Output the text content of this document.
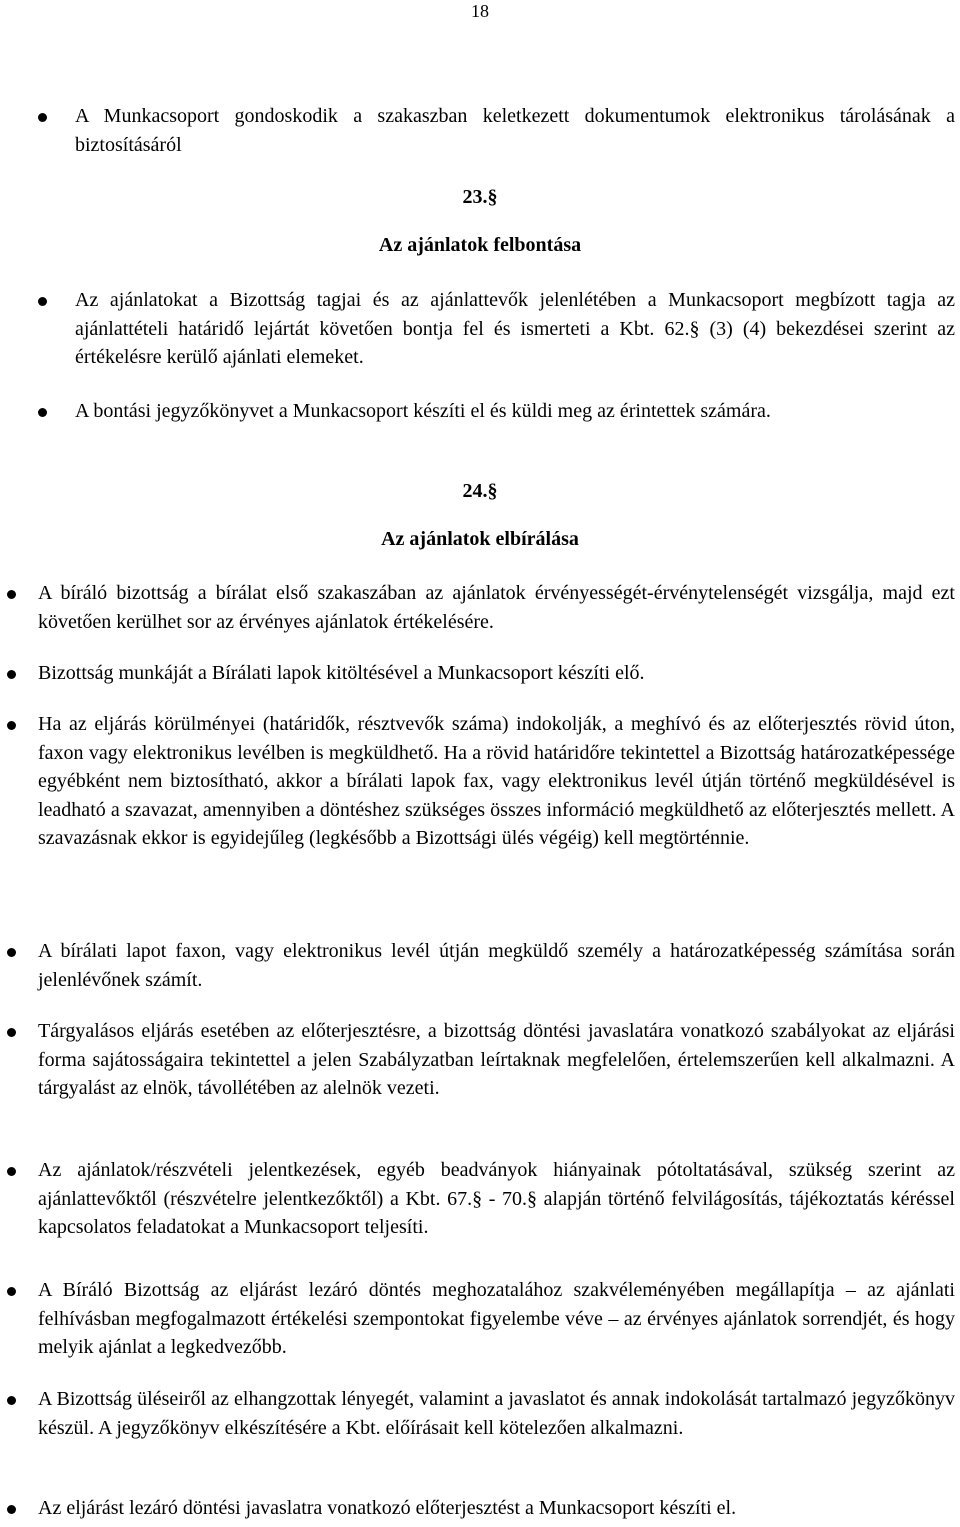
18

A Munkacsoport gondoskodik a szakaszban keletkezett dokumentumok elektronikus tárolásának a biztosításáról

23.§
Az ajánlatok felbontása

Az ajánlatokat a Bizottság tagjai és az ajánlattevők jelenlétében a Munkacsoport megbízott tagja az ajánlattételi határidő lejártát követően bontja fel és ismerteti a Kbt. 62.§ (3) (4) bekezdései szerint az értékelésre kerülő ajánlati elemeket.

A bontási jegyzőkönyvet a Munkacsoport készíti el és küldi meg az érintettek számára.

24.§
Az ajánlatok elbírálása

A bíráló bizottság a bírálat első szakaszában az ajánlatok érvényességét-érvénytelenségét vizsgálja, majd ezt követően kerülhet sor az érvényes ajánlatok értékelésére.

Bizottság munkáját a Bírálati lapok kitöltésével a Munkacsoport készíti elő.

Ha az eljárás körülményei (határidők, résztvevők száma) indokolják, a meghívó és az előterjesztés rövid úton, faxon vagy elektronikus levélben is megküldhető. Ha a rövid határidőre tekintettel a Bizottság határozatképessége egyébként nem biztosítható, akkor a bírálati lapok fax, vagy elektronikus levél útján történő megküldésével is leadható a szavazat, amennyiben a döntéshez szükséges összes információ megküldhető az előterjesztés mellett. A szavazásnak ekkor is egyidejűleg (legkésőbb a Bizottsági ülés végéig) kell megtörténnie.

A bírálati lapot faxon, vagy elektronikus levél útján megküldő személy a határozatképesség számítása során jelenlévőnek számít.

Tárgyalásos eljárás esetében az előterjesztésre, a bizottság döntési javaslatára vonatkozó szabályokat az eljárási forma sajátosságaira tekintettel a jelen Szabályzatban leírtaknak megfelelően, értelemszerűen kell alkalmazni. A tárgyalást az elnök, távollétében az alelnök vezeti.

Az ajánlatok/részvételi jelentkezések, egyéb beadványok hiányainak pótoltatásával, szükség szerint az ajánlattevőktől (részvételre jelentkezőktől) a Kbt. 67.§ - 70.§ alapján történő felvilágosítás, tájékoztatás kéréssel kapcsolatos feladatokat a Munkacsoport teljesíti.

A Bíráló Bizottság az eljárást lezáró döntés meghozatalához szakvéleményében megállapítja – az ajánlati felhívásban megfogalmazott értékelési szempontokat figyelembe véve – az érvényes ajánlatok sorrendjét, és hogy melyik ajánlat a legkedvezőbb.

A Bizottság üléseiről az elhangzottak lényegét, valamint a javaslatot és annak indokolását tartalmazó jegyzőkönyv készül. A jegyzőkönyv elkészítésére a Kbt. előírásait kell kötelezően alkalmazni.

Az eljárást lezáró döntési javaslatra vonatkozó előterjesztést a Munkacsoport készíti el.
